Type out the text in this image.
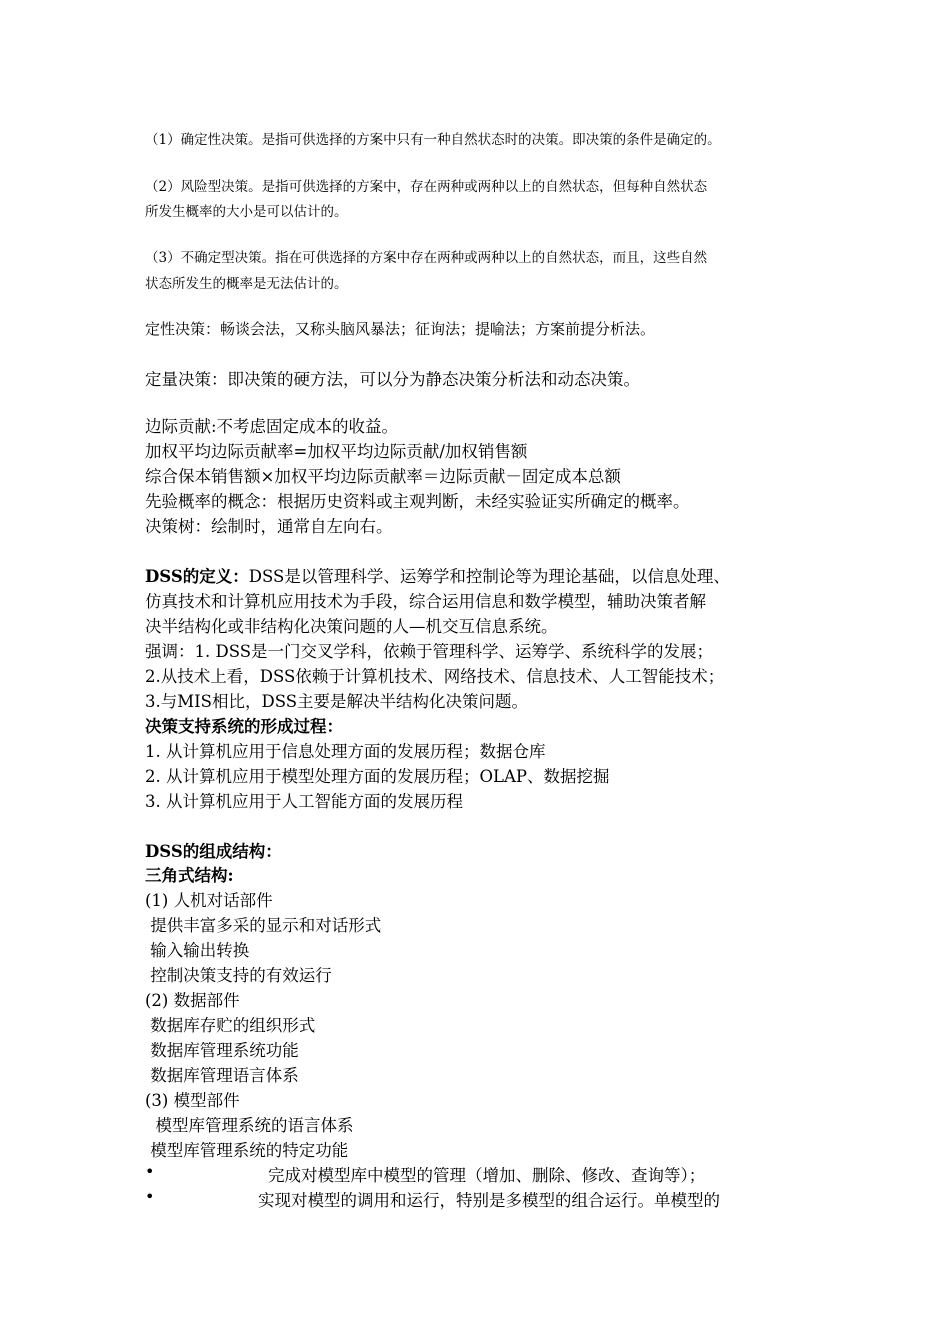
（1）确定性决策。是指可供选择的方案中只有一种自然状态时的决策。即决策的条件是确定的。

（2）风险型决策。是指可供选择的方案中，存在两种或两种以上的自然状态，但每种自然状态

所发生概率的大小是可以估计的。

（3）不确定型决策。指在可供选择的方案中存在两种或两种以上的自然状态，而且，这些自然

状态所发生的概率是无法估计的。

定性决策：畅谈会法，又称头脑风暴法；征询法；提喻法；方案前提分析法。

定量决策：即决策的硬方法，可以分为静态决策分析法和动态决策。

边际贡献:不考虑固定成本的收益。

加权平均边际贡献率=加权平均边际贡献/加权销售额

综合保本销售额×加权平均边际贡献率＝边际贡献－固定成本总额

先验概率的概念：根据历史资料或主观判断，未经实验证实所确定的概率。

决策树：绘制时，通常自左向右。

DSS的定义：DSS是以管理科学、运筹学和控制论等为理论基础，以信息处理、

仿真技术和计算机应用技术为手段，综合运用信息和数学模型，辅助决策者解

决半结构化或非结构化决策问题的人—机交互信息系统。

强调：1. DSS是一门交叉学科，依赖于管理科学、运筹学、系统科学的发展；

2.从技术上看，DSS依赖于计算机技术、网络技术、信息技术、人工智能技术；

3.与MIS相比，DSS主要是解决半结构化决策问题。

决策支持系统的形成过程：

1. 从计算机应用于信息处理方面的发展历程；数据仓库

2. 从计算机应用于模型处理方面的发展历程；OLAP、数据挖掘

3. 从计算机应用于人工智能方面的发展历程

DSS的组成结构：

三角式结构:

(1) 人机对话部件

提供丰富多采的显示和对话形式

输入输出转换

控制决策支持的有效运行

(2) 数据部件

数据库存贮的组织形式

数据库管理系统功能

数据库管理语言体系

(3) 模型部件

模型库管理系统的语言体系

模型库管理系统的特定功能

•	完成对模型库中模型的管理（增加、删除、修改、查询等）；

•	实现对模型的调用和运行，特别是多模型的组合运行。单模型的
